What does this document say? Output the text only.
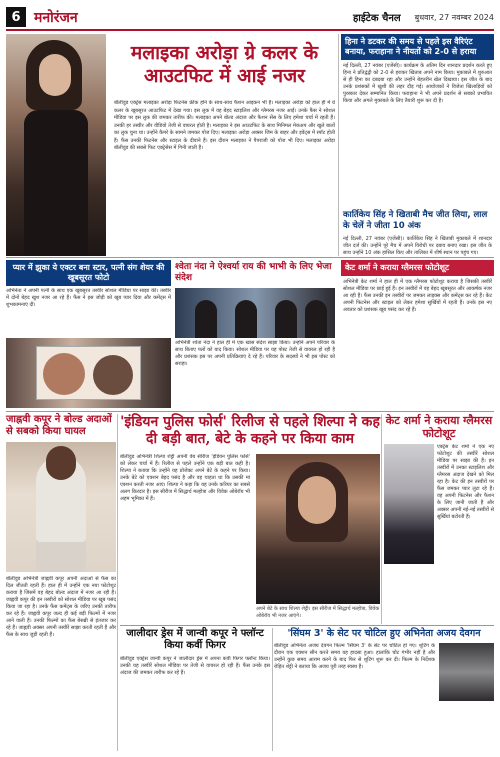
6 मनोरंजन	हाईटेक चैनल बुधवार, 27 नवम्बर 2024
मलाइका अरोड़ा ग्रे कलर के आउटफिट में आई नजर
बॉलीवुड एक्ट्रेस मलाइका अरोड़ा फिटनेस फ्रीक होने के साथ-साथ फैशन आइकन भी हैं। मलाइका अरोड़ा को हाल ही में ग्रे कलर के खूबसूरत आउटफिट में देखा गया। इस लुक में वह बेहद स्टाइलिश और ग्लैमरस नजर आईं। उनके फैंस ने सोशल मीडिया पर इस लुक की जमकर तारीफ की। मलाइका अपने बोल्ड अंदाज और फैशन सेंस के लिए हमेशा चर्चा में रहती हैं। उनकी हर तस्वीर और वीडियो तेजी से वायरल होती है। मलाइका ने इस आउटफिट के साथ मिनिमल मेकअप और खुले बालों का लुक चुना था। उन्होंने कैमरे के सामने जमकर पोज दिए। मलाइका अरोड़ा अक्सर जिम के बाहर और इवेंट्स में स्पॉट होती हैं। फैंस उनकी फिटनेस और स्टाइल के दीवाने हैं। इस दौरान मलाइका ने पैपराजी को पोज भी दिए। मलाइका अरोड़ा बॉलीवुड की सबसे फिट एक्ट्रेसेस में गिनी जाती हैं।
हिना ने डटकर की समय से पहले इस वैरिएंट बनाया, फराहाना ने नीयतों को 2-0 से हराया
नई दिल्ली, 27 नवंबर (एजेंसी)। कार्यक्रम के अंतिम दिन शानदार प्रदर्शन करते हुए हिना ने प्रतिद्वंद्वी को 2-0 से हराकर खिताब अपने नाम किया। मुकाबले में शुरुआत से ही हिना का दबदबा रहा और उन्होंने बेहतरीन खेल दिखाया। इस जीत के बाद उनके प्रशंसकों में खुशी की लहर दौड़ गई। आयोजकों ने विजेता खिलाड़ियों को पुरस्कार देकर सम्मानित किया। फराहाना ने भी अपने प्रदर्शन से सबको प्रभावित किया और अगले मुकाबले के लिए तैयारी शुरू कर दी है।
कार्तिकेय सिंह ने खिताबी मैच जीत लिया, लाल के चेलें ने जीता 10 अंक
नई दिल्ली, 27 नवंबर (एजेंसी)। कार्तिकेय सिंह ने खिताबी मुकाबले में शानदार जीत दर्ज की। उन्होंने पूरे मैच में अपने विरोधी पर दबाव बनाए रखा। इस जीत के साथ उन्होंने 10 अंक हासिल किए और तालिका में शीर्ष स्थान पर पहुंच गए।
प्यार में झुका ये एक्टर बना स्टार, पत्नी संग शेयर की खूबसूरत फोटो
अभिनेता ने अपनी पत्नी के साथ एक खूबसूरत तस्वीर सोशल मीडिया पर साझा की। तस्वीर में दोनों बेहद खुश नजर आ रहे हैं। फैंस ने इस जोड़ी को खूब प्यार दिया और कमेंट्स में शुभकामनाएं दीं।
श्वेता नंदा ने ऐश्वर्या राय की भाभी के लिए भेजा संदेश
अभिनेत्री श्वेता नंदा ने हाल ही में एक खास संदेश साझा किया। उन्होंने अपने परिवार के साथ बिताए पलों को याद किया। सोशल मीडिया पर यह पोस्ट तेजी से वायरल हो रही है और प्रशंसक इस पर अपनी प्रतिक्रियाएं दे रहे हैं। परिवार के सदस्यों ने भी इस पोस्ट को सराहा।
केट शर्मा ने कराया ग्लैमरस फोटोशूट
अभिनेत्री केट शर्मा ने हाल ही में एक ग्लैमरस फोटोशूट कराया है जिसकी तस्वीरें सोशल मीडिया पर छाई हुई हैं। इन तस्वीरों में वह बेहद खूबसूरत और आकर्षक नजर आ रही हैं। फैंस उनकी इन तस्वीरों पर जमकर लाइक्स और कमेंट्स कर रहे हैं। केट अपनी फिटनेस और स्टाइल को लेकर हमेशा सुर्खियों में रहती हैं। उनके इस नए अवतार को प्रशंसक खूब पसंद कर रहे हैं।
जाह्नवी कपूर ने बोल्ड अदाओं से सबको किया घायल
बॉलीवुड अभिनेत्री जाह्नवी कपूर अपनी अदाओं से फैंस का दिल जीतती रहती हैं। हाल ही में उन्होंने एक नया फोटोशूट कराया है जिसमें वह बेहद बोल्ड अंदाज में नजर आ रही हैं। जाह्नवी कपूर की इन तस्वीरों को सोशल मीडिया पर खूब पसंद किया जा रहा है। उनके फैंस कमेंट्स के जरिए उनकी तारीफ कर रहे हैं। जाह्नवी कपूर जल्द ही कई बड़ी फिल्मों में नजर आने वाली हैं। उनकी फिल्मों का फैंस बेसब्री से इंतजार कर रहे हैं। जाह्नवी अक्सर अपनी तस्वीरें साझा करती रहती हैं और फैंस के साथ जुड़ी रहती हैं।
'इंडियन पुलिस फोर्स' रिलीज से पहले शिल्पा ने कह दी बड़ी बात, बेटे के कहने पर किया काम
बॉलीवुड अभिनेत्री शिल्पा शेट्टी अपनी वेब सीरीज 'इंडियन पुलिस फोर्स' को लेकर चर्चा में हैं। रिलीज से पहले उन्होंने एक बड़ी बात कही है। शिल्पा ने बताया कि उन्होंने यह प्रोजेक्ट अपने बेटे के कहने पर किया। उनके बेटे को एक्शन बेहद पसंद है और वह चाहता था कि उसकी मां एक्शन करती नजर आएं। शिल्पा ने कहा कि यह उनके करियर का सबसे अलग किरदार है। इस सीरीज में सिद्धार्थ मल्होत्रा और विवेक ओबेरॉय भी अहम भूमिका में हैं।
अपने बेटे के साथ शिल्पा शेट्टी। इस सीरीज में सिद्धार्थ मल्होत्रा, विवेक ओबेरॉय भी नजर आएंगे।
केट शर्मा ने कराया ग्लैमरस फोटोशूट
एक्ट्रेस केट शर्मा ने एक नए फोटोशूट की तस्वीरें सोशल मीडिया पर साझा की हैं। इन तस्वीरों में उनका स्टाइलिश और ग्लैमरस अंदाज देखने को मिल रहा है। केट की इन तस्वीरों पर फैंस जमकर प्यार लुटा रहे हैं। वह अपनी फिटनेस और फैशन के लिए जानी जाती हैं और अक्सर अपनी नई-नई तस्वीरों से सुर्खियां बटोरती हैं।
जालीदार ड्रेस में जान्वी कपूर ने फ्लॉन्ट किया कर्वी फिगर
बॉलीवुड एक्ट्रेस जान्वी कपूर ने जालीदार ड्रेस में अपना कर्वी फिगर फ्लॉन्ट किया। उनकी यह तस्वीरें सोशल मीडिया पर तेजी से वायरल हो रही हैं। फैंस उनके इस अंदाज की जमकर तारीफ कर रहे हैं।
'सिंघम 3' के सेट पर चोटिल हुए अभिनेता अजय देवगन
बॉलीवुड अभिनेता अजय देवगन फिल्म 'सिंघम 3' के सेट पर चोटिल हो गए। शूटिंग के दौरान एक एक्शन सीन करते समय यह हादसा हुआ। हालांकि चोट गंभीर नहीं है और उन्होंने कुछ समय आराम करने के बाद फिर से शूटिंग शुरू कर दी। फिल्म के निर्देशक रोहित शेट्टी ने बताया कि अजय पूरी तरह स्वस्थ हैं।
